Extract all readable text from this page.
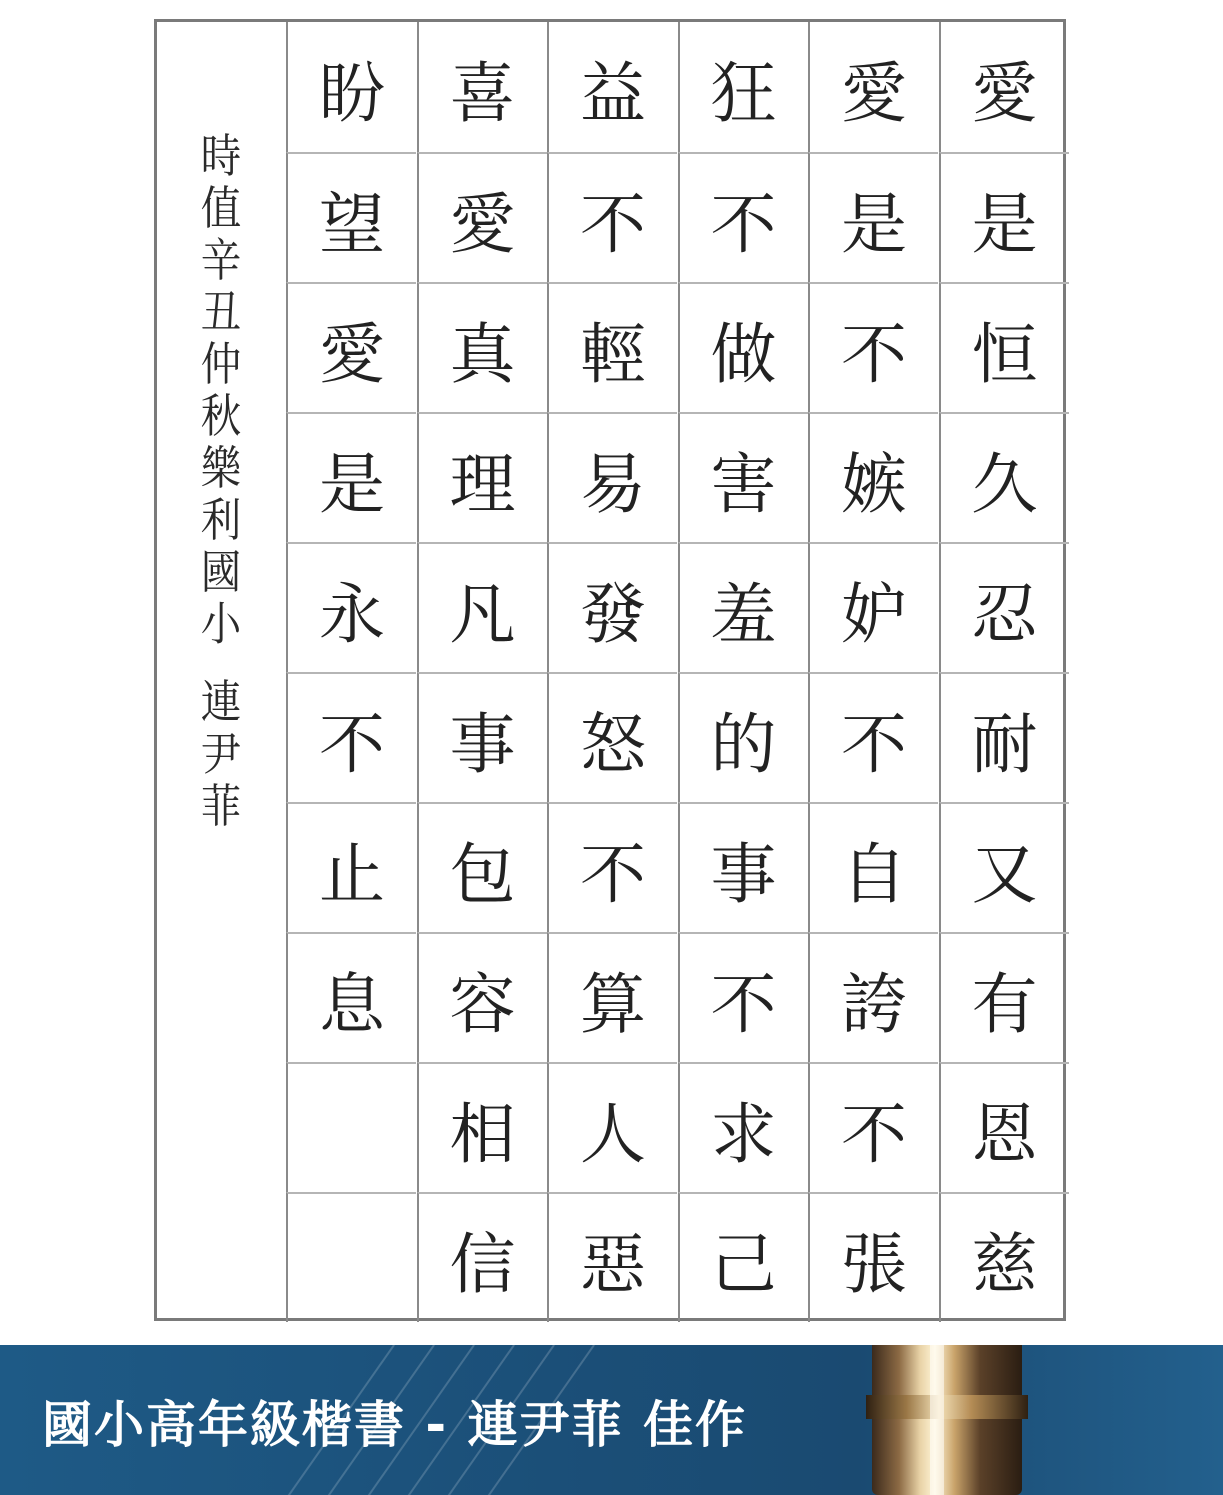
時
值
辛
丑
仲
秋
樂
利
國
小
連
尹
菲
愛
是
恒
久
忍
耐
又
有
恩
慈
愛
是
不
嫉
妒
不
自
誇
不
張
狂
不
做
害
羞
的
事
不
求
己
益
不
輕
易
發
怒
不
算
人
惡
喜
愛
真
理
凡
事
包
容
相
信
盼
望
愛
是
永
不
止
息
國小高年級楷書 - 連尹菲 佳作
